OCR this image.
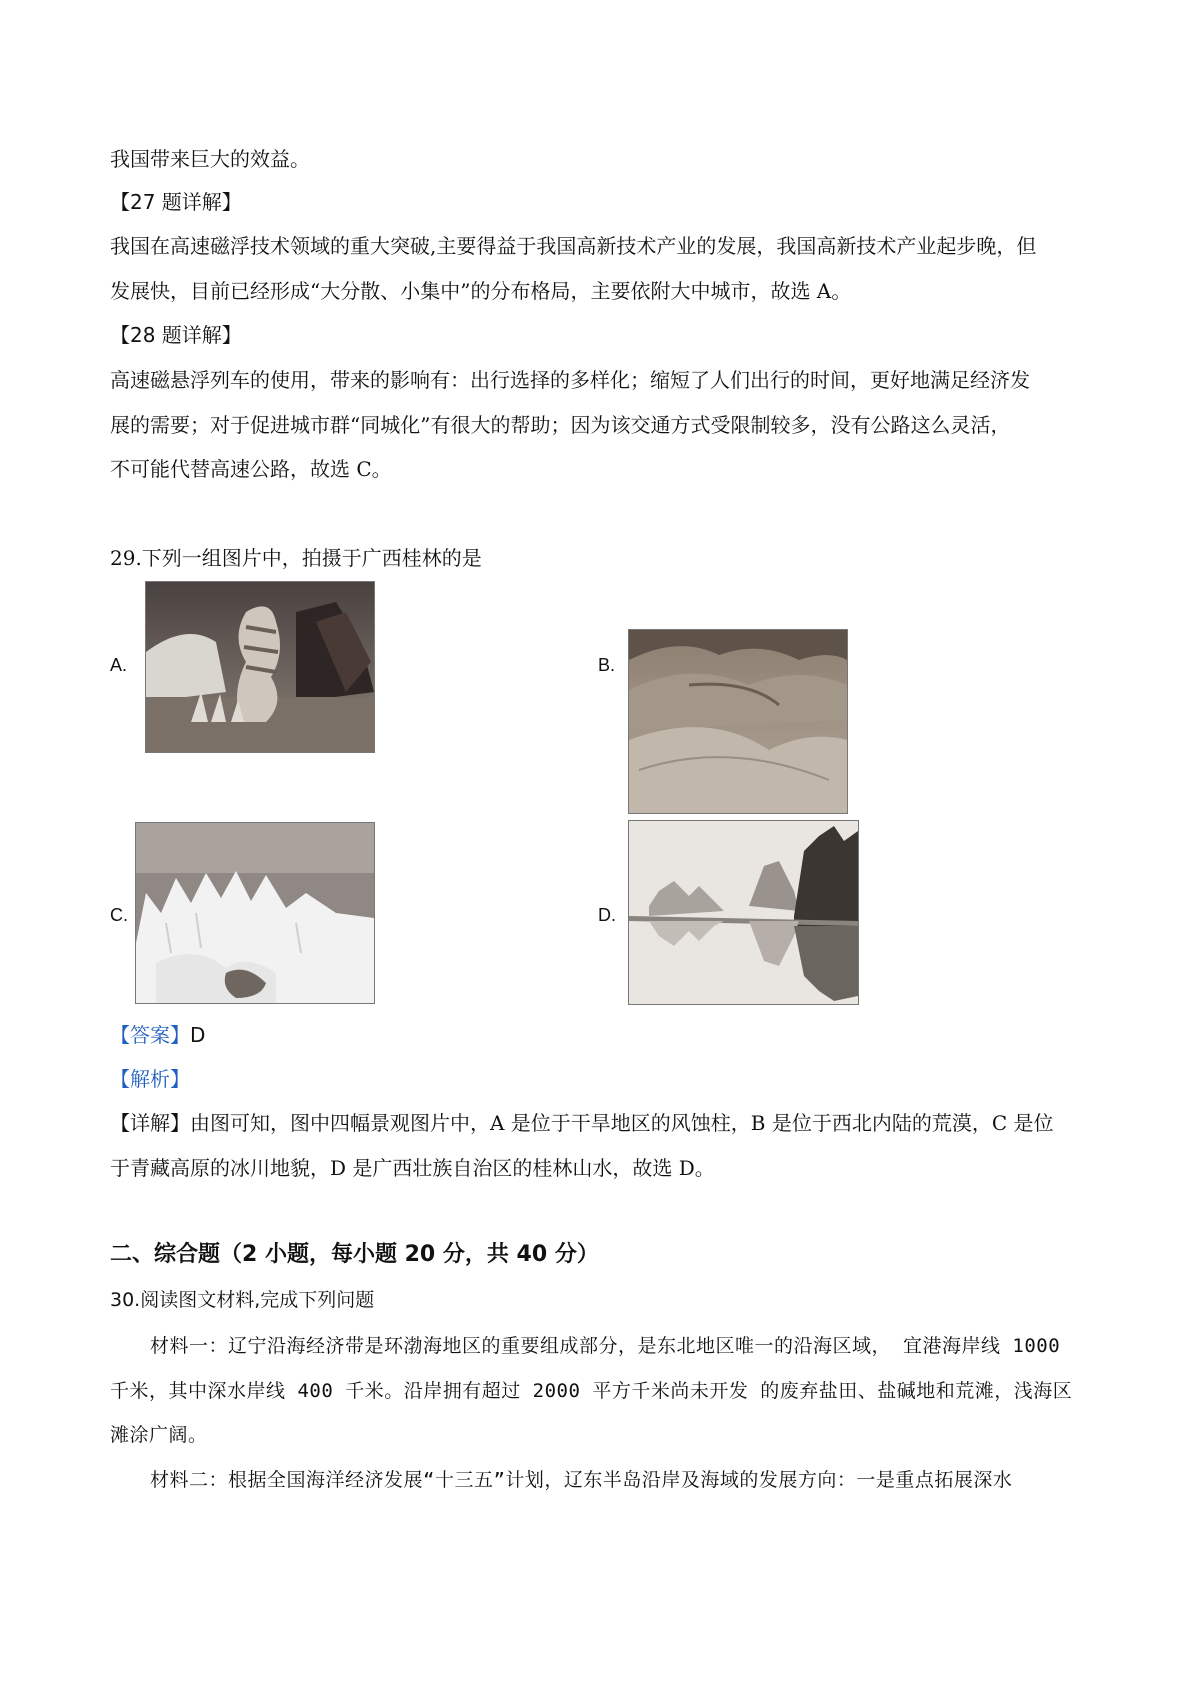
我国带来巨大的效益。
【27 题详解】
我国在高速磁浮技术领域的重大突破,主要得益于我国高新技术产业的发展，我国高新技术产业起步晚，但
发展快，目前已经形成“大分散、小集中”的分布格局，主要依附大中城市，故选 A。
【28 题详解】
高速磁悬浮列车的使用，带来的影响有：出行选择的多样化；缩短了人们出行的时间，更好地满足经济发
展的需要；对于促进城市群“同城化”有很大的帮助；因为该交通方式受限制较多，没有公路这么灵活，
不可能代替高速公路，故选 C。
29.下列一组图片中，拍摄于广西桂林的是
A.	B.
C.	D.
【答案】D
【解析】
【详解】由图可知，图中四幅景观图片中，A 是位于干旱地区的风蚀柱，B 是位于西北内陆的荒漠，C 是位
于青藏高原的冰川地貌，D 是广西壮族自治区的桂林山水，故选 D。
二、综合题（2 小题，每小题 20 分，共 40 分）
30.阅读图文材料,完成下列问题
材料一：辽宁沿海经济带是环渤海地区的重要组成部分，是东北地区唯一的沿海区域， 宜港海岸线 1000
千米，其中深水岸线 400 千米。沿岸拥有超过 2000 平方千米尚未开发 的废弃盐田、盐碱地和荒滩，浅海区
滩涂广阔。
材料二：根据全国海洋经济发展“十三五”计划，辽东半岛沿岸及海域的发展方向：一是重点拓展深水
